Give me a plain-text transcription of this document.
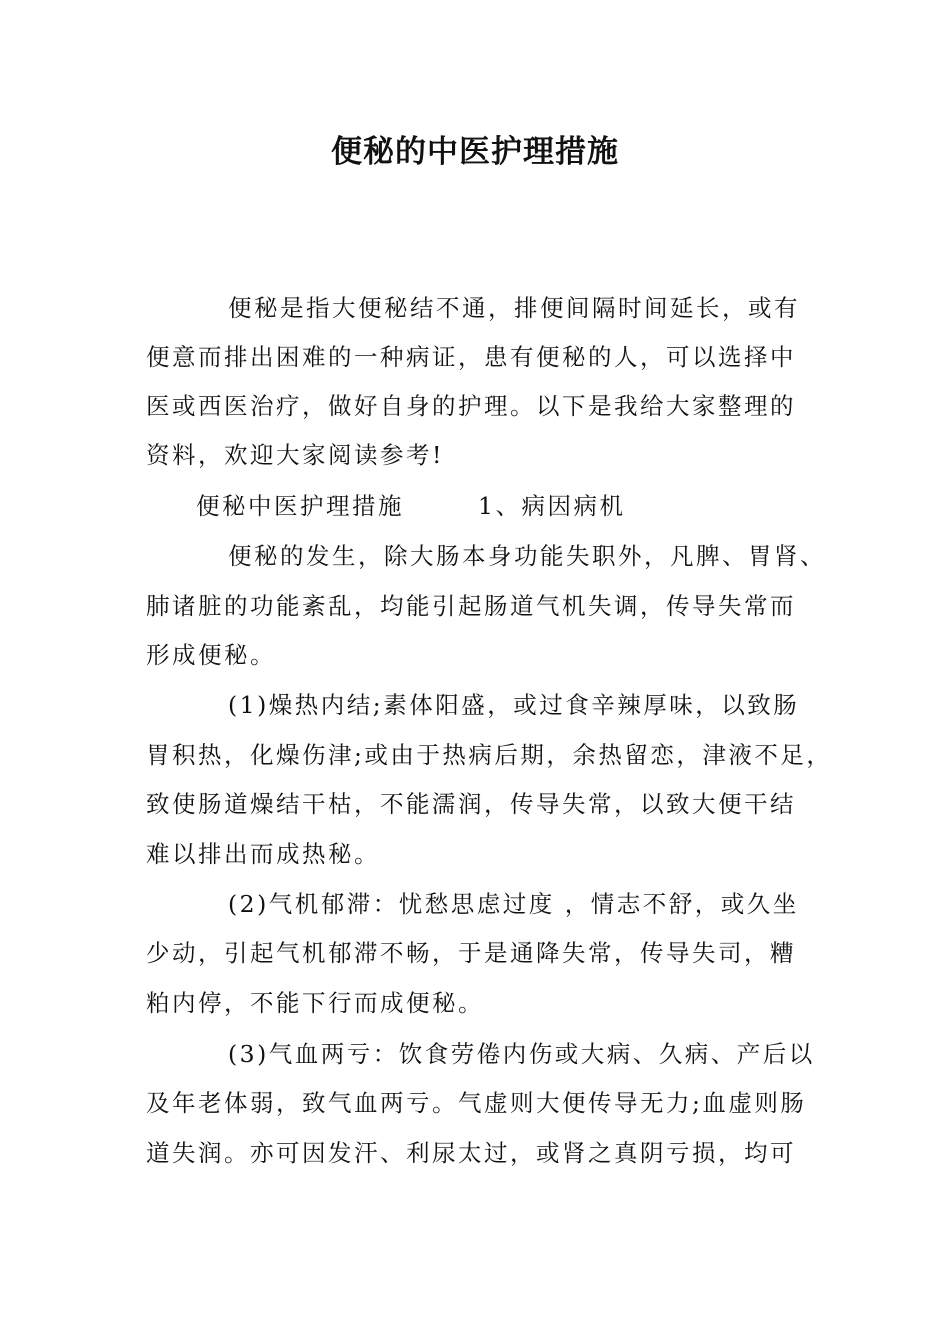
便秘的中医护理措施

便秘是指大便秘结不通，排便间隔时间延长，或有

便意而排出困难的一种病证，患有便秘的人，可以选择中

医或西医治疗，做好自身的护理。以下是我给大家整理的

资料，欢迎大家阅读参考!

便秘中医护理措施	1、病因病机

便秘的发生，除大肠本身功能失职外，凡脾、胃肾、

肺诸脏的功能紊乱，均能引起肠道气机失调，传导失常而

形成便秘。

(1)燥热内结;素体阳盛，或过食辛辣厚味，以致肠

胃积热，化燥伤津;或由于热病后期，余热留恋，津液不足，

致使肠道燥结干枯，不能濡润，传导失常，以致大便干结

难以排出而成热秘。

(2)气机郁滞：忧愁思虑过度 ，情志不舒，或久坐

少动，引起气机郁滞不畅，于是通降失常，传导失司，糟

粕内停，不能下行而成便秘。

(3)气血两亏：饮食劳倦内伤或大病、久病、产后以

及年老体弱，致气血两亏。气虚则大便传导无力;血虚则肠

道失润。亦可因发汗、利尿太过，或肾之真阴亏损，均可
